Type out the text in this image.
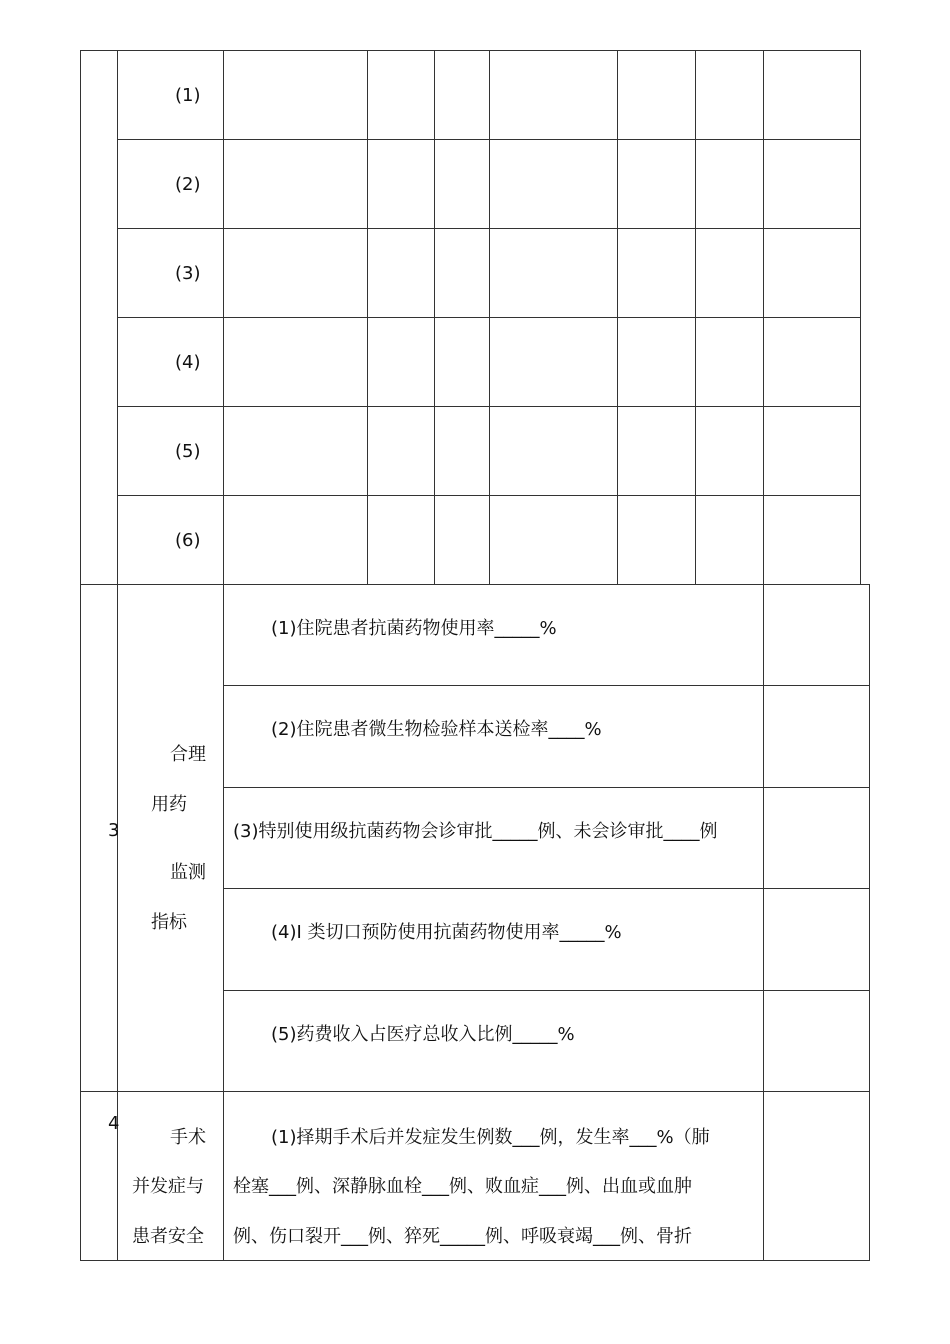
(1)
(2)
(3)
(4)
(5)
(6)
3
合理
用药
监测
指标
(1)住院患者抗菌药物使用率_____%
(2)住院患者微生物检验样本送检率____%
(3)特别使用级抗菌药物会诊审批_____例、未会诊审批____例
(4)I 类切口预防使用抗菌药物使用率_____%
(5)药费收入占医疗总收入比例_____%
4
手术
并发症与
患者安全
(1)择期手术后并发症发生例数___例，发生率___%（肺
栓塞___例、深静脉血栓___例、败血症___例、出血或血肿
例、伤口裂开___例、猝死_____例、呼吸衰竭___例、骨折
